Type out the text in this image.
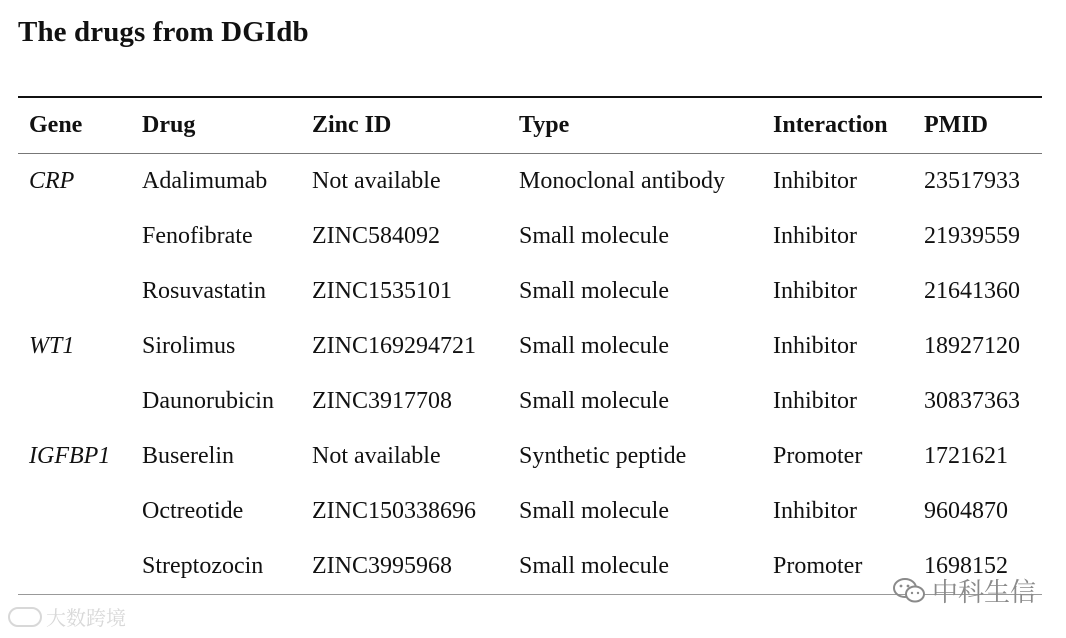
The drugs from DGIdb
Gene	Drug	Zinc ID	Type	Interaction	PMID
CRP	Adalimumab	Not available	Monoclonal antibody	Inhibitor	23517933
	Fenofibrate	ZINC584092	Small molecule	Inhibitor	21939559
	Rosuvastatin	ZINC1535101	Small molecule	Inhibitor	21641360
WT1	Sirolimus	ZINC169294721	Small molecule	Inhibitor	18927120
	Daunorubicin	ZINC3917708	Small molecule	Inhibitor	30837363
IGFBP1	Buserelin	Not available	Synthetic peptide	Promoter	1721621
	Octreotide	ZINC150338696	Small molecule	Inhibitor	9604870
	Streptozocin	ZINC3995968	Small molecule	Promoter	1698152
大数跨境
中科生信
